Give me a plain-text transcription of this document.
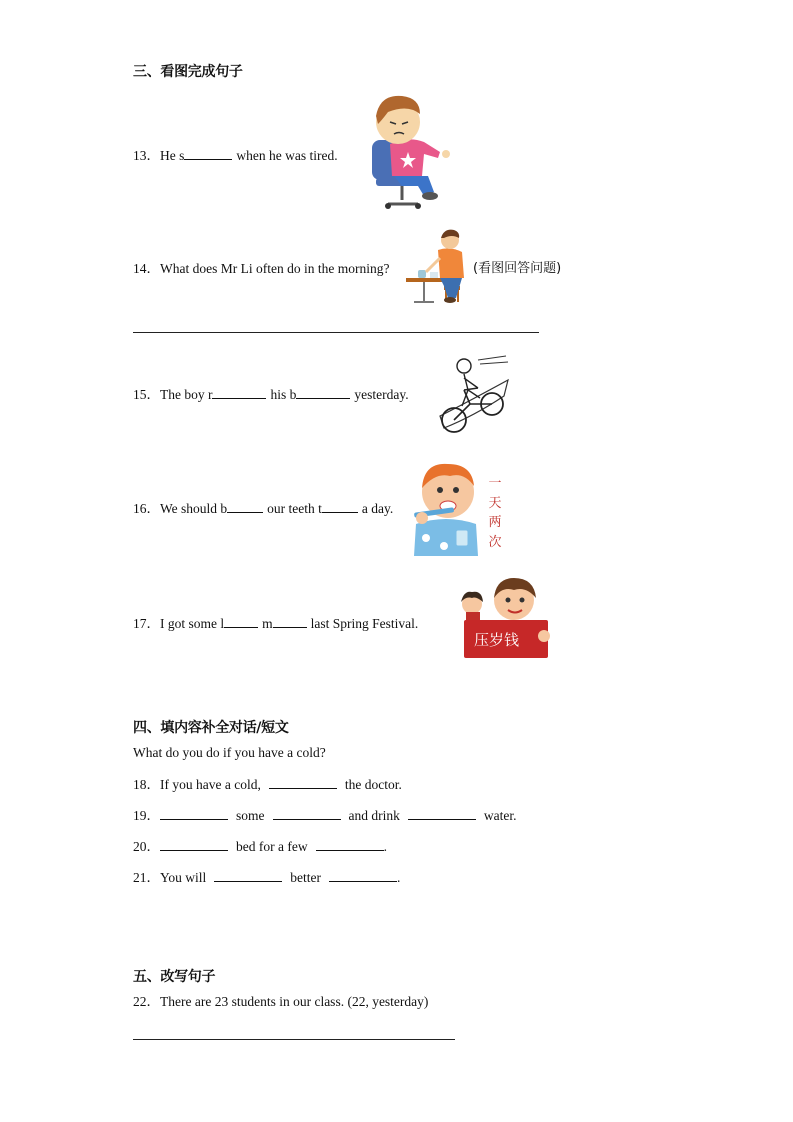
三、看图完成句子
13．He s	when he was tired.
14．What does Mr Li often do in the morning?	(看图回答问题)
15．The boy r	his b	yesterday.
16．We should b	our teeth t	a day.
一
天
两
次
17．I got some l	m	last Spring Festival.
压岁钱
四、填内容补全对话/短文
What do you do if you have a cold?
18．If you have a cold,	the doctor.
19．	some	and drink	water.
20．	bed for a few	.
21．You will	better	.
五、改写句子
22．There are 23 students in our class. (22, yesterday)
